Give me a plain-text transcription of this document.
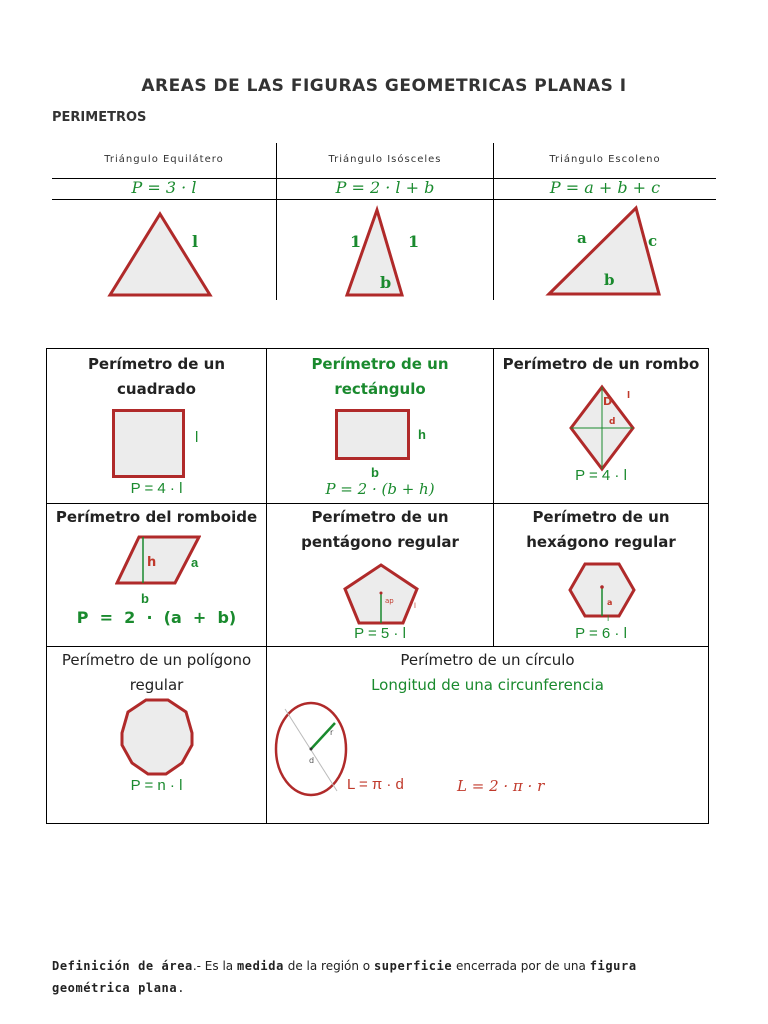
AREAS DE LAS FIGURAS GEOMETRICAS PLANAS I
PERIMETROS
Triángulo Equilátero	Triángulo Isósceles	Triángulo Escoleno
P = 3 · l	P = 2 · l + b	P = a + b + c
l	1	1
b
a	c
b
Perímetro de un
cuadrado
l
P = 4 · l
Perímetro de un
rectángulo
h
b
P = 2 · (b + h)
Perímetro de un rombo
D
d
l
P = 4 · l
Perímetro del romboide
h	a
b
P  =  2  ·  (a  +  b)
Perímetro de un
pentágono regular
ap
l
P = 5 · l
Perímetro de un
hexágono regular
a
l
P = 6 · l
Perímetro de un polígono
regular
P = n · l
Perímetro de un círculo
Longitud de una circunferencia
r
d
L = π · d	L = 2 · π · r
Definición de área.- Es la medida de la región o superficie encerrada por de una figura geométrica plana.
